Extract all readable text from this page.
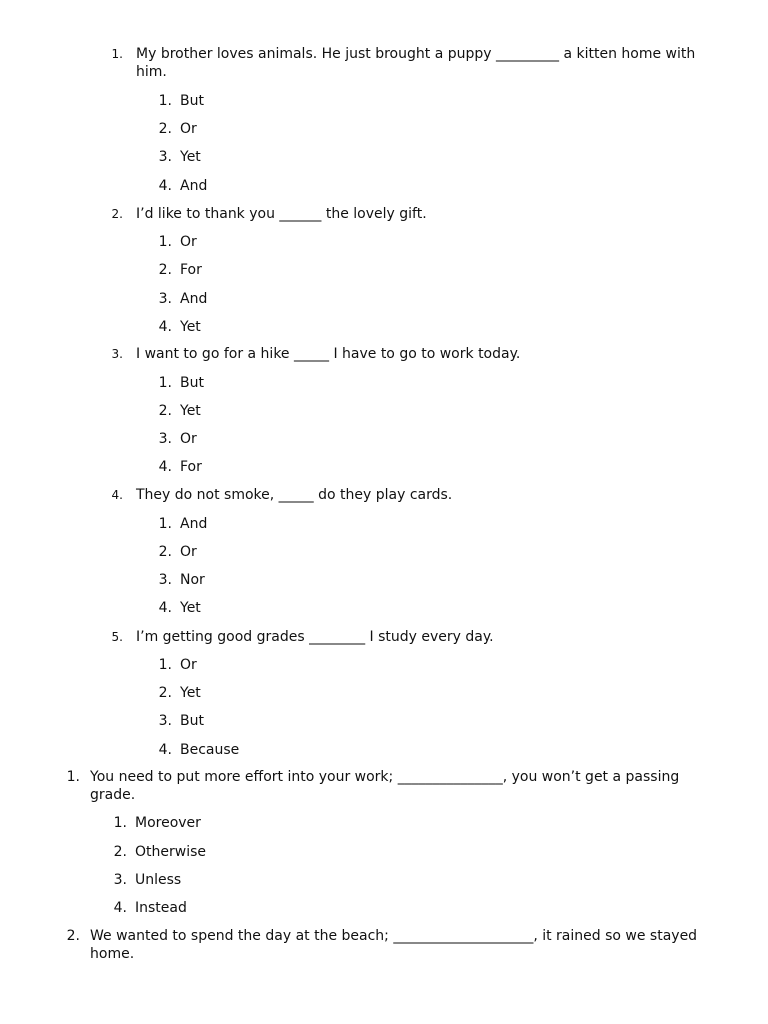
1. My brother loves animals. He just brought a puppy _________ a kitten home with him.
1. But
2. Or
3. Yet
4. And
2. I’d like to thank you ______ the lovely gift.
1. Or
2. For
3. And
4. Yet
3. I want to go for a hike _____ I have to go to work today.
1. But
2. Yet
3. Or
4. For
4. They do not smoke, _____ do they play cards.
1. And
2. Or
3. Nor
4. Yet
5. I’m getting good grades ________ I study every day.
1. Or
2. Yet
3. But
4. Because
1. You need to put more effort into your work; _______________, you won’t get a passing grade.
1. Moreover
2. Otherwise
3. Unless
4. Instead
2. We wanted to spend the day at the beach; ____________________, it rained so we stayed home.
